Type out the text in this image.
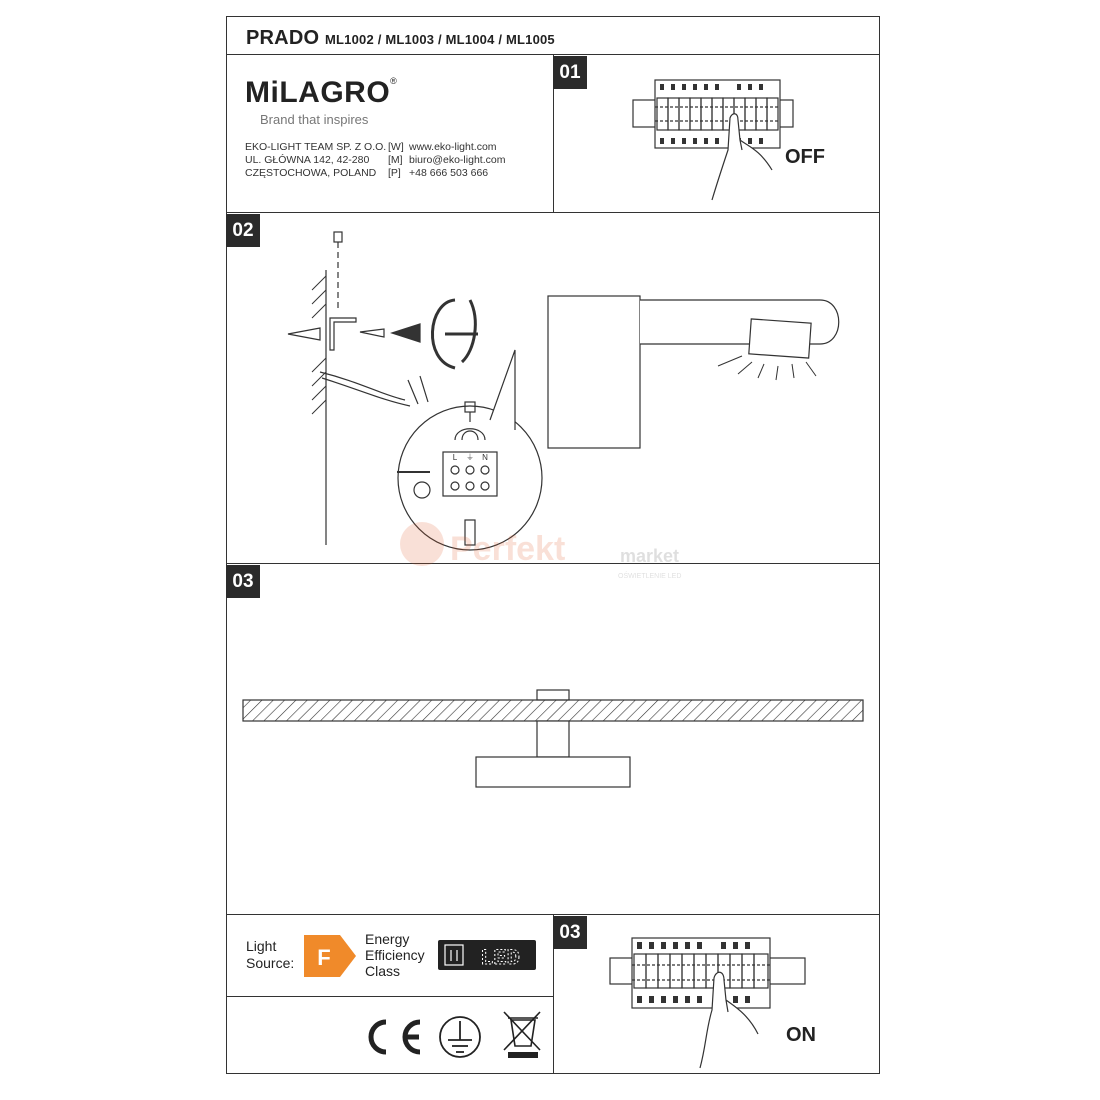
PRADO ML1002 / ML1003 / ML1004 / ML1005
MiLAGRO®
Brand that inspires
EKO-LIGHT TEAM SP. Z O.O.
UL. GŁÓWNA 142, 42-280
CZĘSTOCHOWA, POLAND
[W]
[M]
[P]
www.eko-light.com
biuro@eko-light.com
+48 666 503 666
01
02
03
03
OFF
ON
L ⏚ N
Perfekt	market
OŚWIETLENIE LED
F	LED
Light Source:
Energy Efficiency Class
